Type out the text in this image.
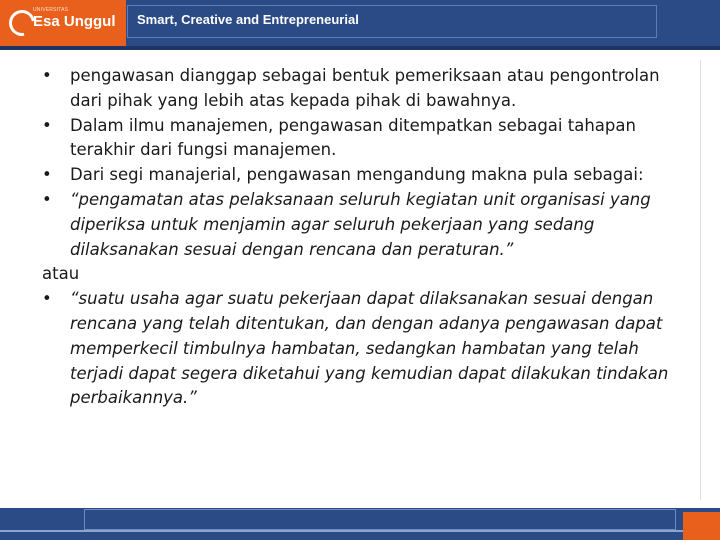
UNIVERSITAS
Esa Unggul Smart, Creative and Entrepreneurial
•	pengawasan dianggap sebagai bentuk pemeriksaan atau pengontrolan dari pihak yang lebih atas kepada pihak di bawahnya.
•	Dalam ilmu manajemen, pengawasan ditempatkan sebagai tahapan terakhir dari fungsi manajemen.
•	Dari segi manajerial, pengawasan mengandung makna pula sebagai:
•	“pengamatan atas pelaksanaan seluruh kegiatan unit organisasi yang diperiksa untuk menjamin agar seluruh pekerjaan yang sedang dilaksanakan sesuai dengan rencana dan peraturan.”
atau
•	“suatu usaha agar suatu pekerjaan dapat dilaksanakan sesuai dengan rencana yang telah ditentukan, dan dengan adanya pengawasan dapat memperkecil timbulnya hambatan, sedangkan hambatan yang telah terjadi dapat segera diketahui yang kemudian dapat dilakukan tindakan perbaikannya.”
